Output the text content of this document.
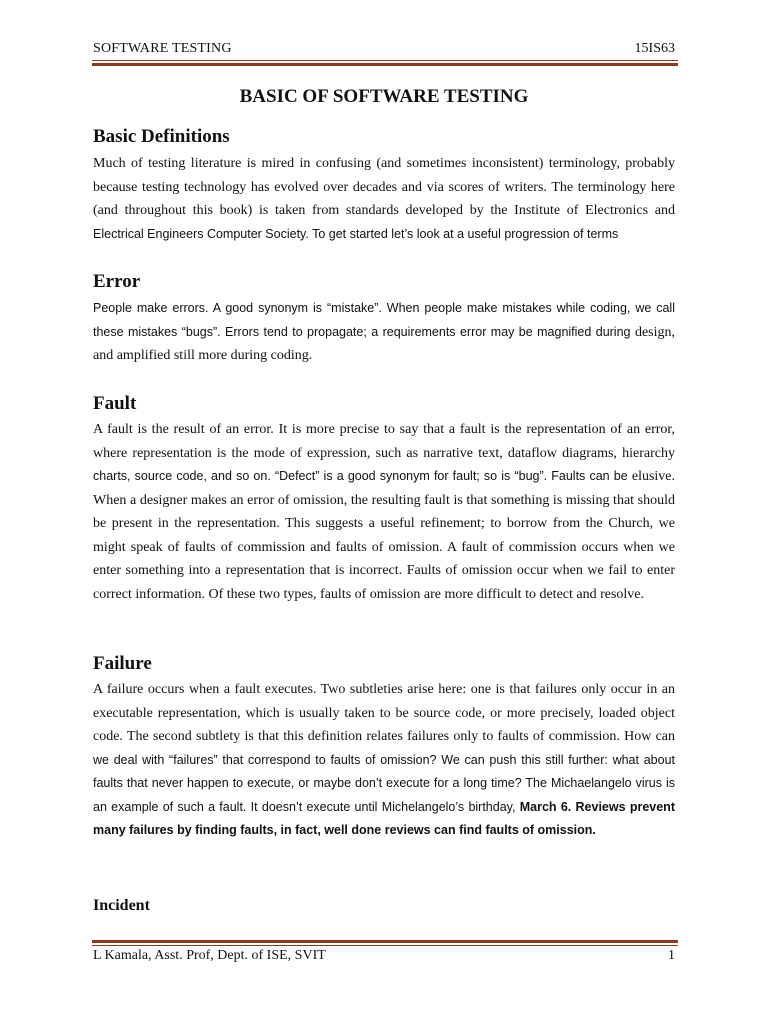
SOFTWARE TESTING	15IS63
BASIC OF SOFTWARE TESTING
Basic Definitions
Much of testing literature is mired in confusing (and sometimes inconsistent) terminology, probably because testing technology has evolved over decades and via scores of writers. The terminology here (and throughout this book) is taken from standards developed by the Institute of Electronics and Electrical Engineers Computer Society. To get started let’s look at a useful progression of terms
Error
People make errors. A good synonym is “mistake”. When people make mistakes while coding, we call these mistakes “bugs”. Errors tend to propagate; a requirements error may be magnified during design, and amplified still more during coding.
Fault
A fault is the result of an error. It is more precise to say that a fault is the representation of an error, where representation is the mode of expression, such as narrative text, dataflow diagrams, hierarchy charts, source code, and so on. “Defect” is a good synonym for fault; so is “bug”. Faults can be elusive. When a designer makes an error of omission, the resulting fault is that something is missing that should be present in the representation. This suggests a useful refinement; to borrow from the Church, we might speak of faults of commission and faults of omission. A fault of commission occurs when we enter something into a representation that is incorrect. Faults of omission occur when we fail to enter correct information. Of these two types, faults of omission are more difficult to detect and resolve.
Failure
A failure occurs when a fault executes. Two subtleties arise here: one is that failures only occur in an executable representation, which is usually taken to be source code, or more precisely, loaded object code. The second subtlety is that this definition relates failures only to faults of commission. How can we deal with “failures” that correspond to faults of omission? We can push this still further: what about faults that never happen to execute, or maybe don’t execute for a long time? The Michaelangelo virus is an example of such a fault. It doesn’t execute until Michelangelo’s birthday, March 6. Reviews prevent many failures by finding faults, in fact, well done reviews can find faults of omission.
Incident
L Kamala, Asst. Prof, Dept. of ISE, SVIT	1
